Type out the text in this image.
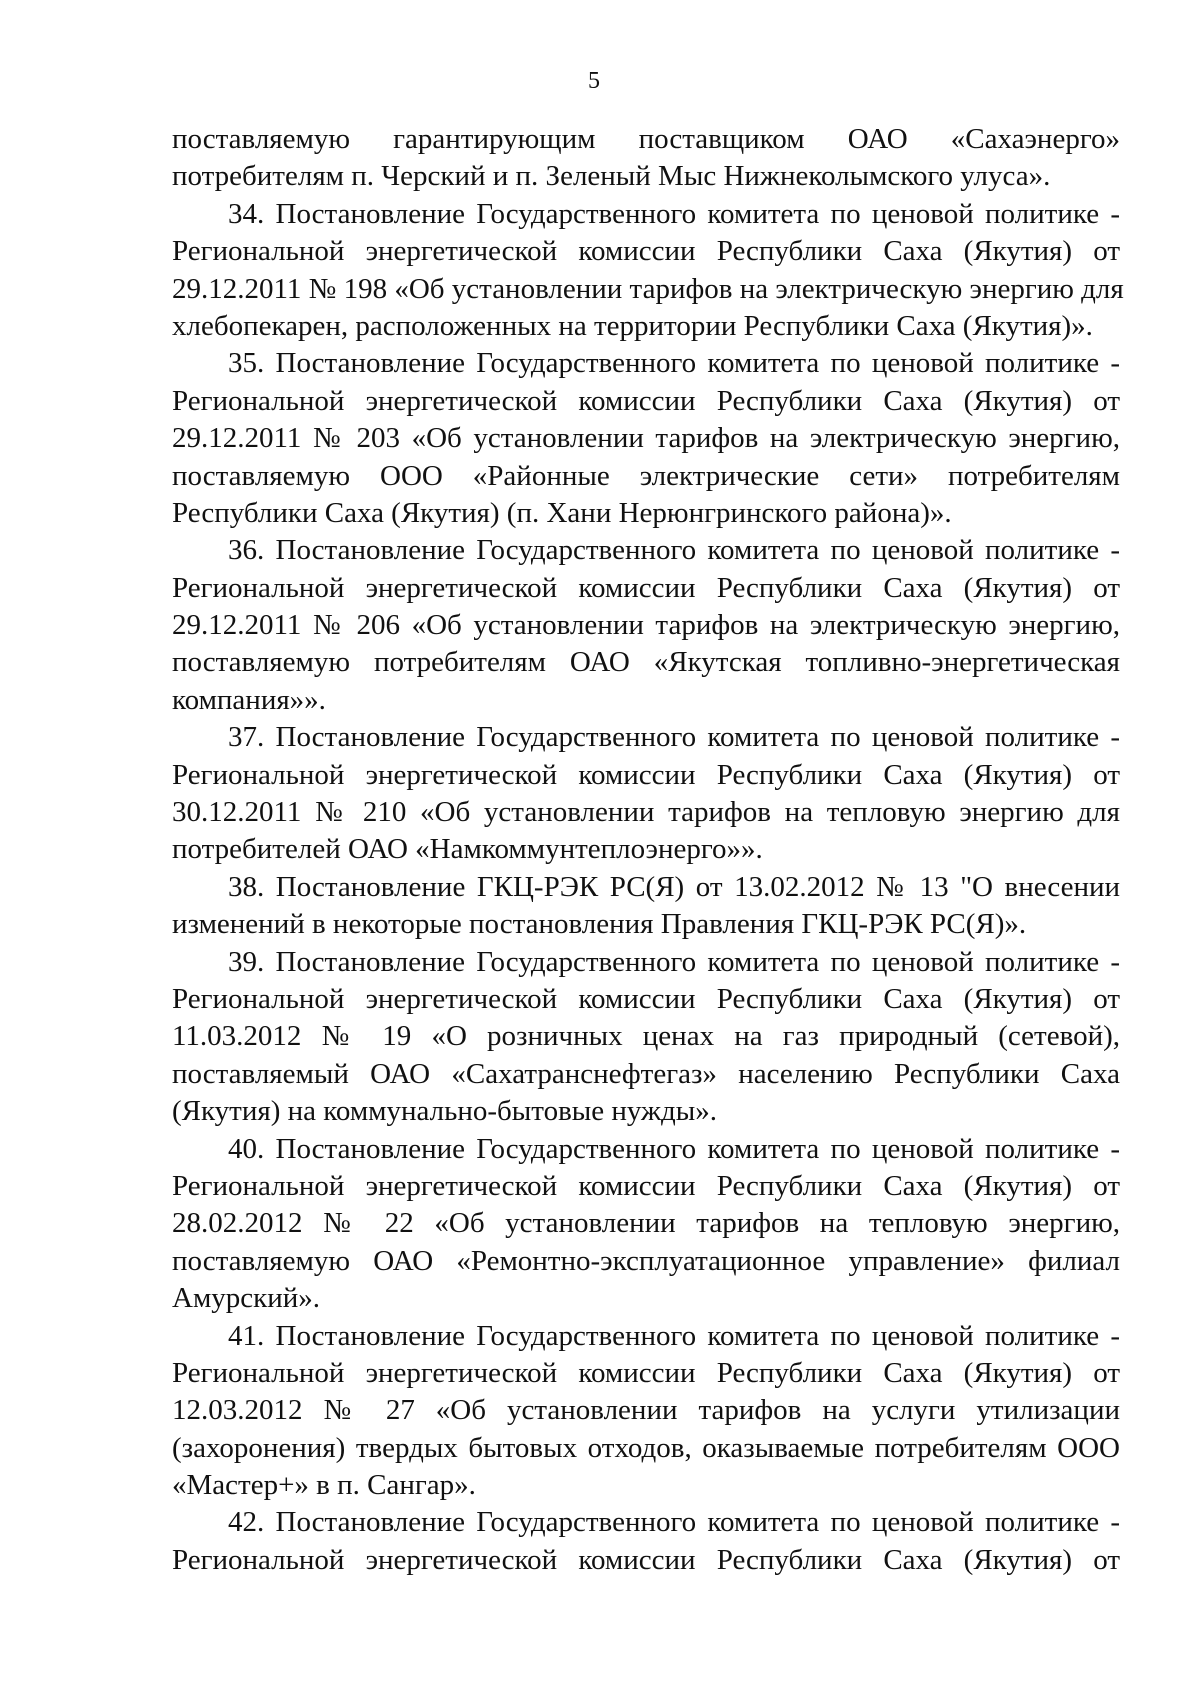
5
поставляемую гарантирующим поставщиком ОАО «Сахаэнерго»
потребителям п. Черский и п. Зеленый Мыс Нижнеколымского улуса».
34. Постановление Государственного комитета по ценовой политике -
Региональной энергетической комиссии Республики Саха (Якутия) от
29.12.2011 № 198 «Об установлении тарифов на электрическую энергию для
хлебопекарен, расположенных на территории Республики Саха (Якутия)».
35. Постановление Государственного комитета по ценовой политике -
Региональной энергетической комиссии Республики Саха (Якутия) от
29.12.2011 № 203 «Об установлении тарифов на электрическую энергию,
поставляемую ООО «Районные электрические сети» потребителям
Республики Саха (Якутия) (п. Хани Нерюнгринского района)».
36. Постановление Государственного комитета по ценовой политике -
Региональной энергетической комиссии Республики Саха (Якутия) от
29.12.2011 № 206 «Об установлении тарифов на электрическую энергию,
поставляемую потребителям ОАО «Якутская топливно-энергетическая
компания»».
37. Постановление Государственного комитета по ценовой политике -
Региональной энергетической комиссии Республики Саха (Якутия) от
30.12.2011 № 210 «Об установлении тарифов на тепловую энергию для
потребителей ОАО «Намкоммунтеплоэнерго»».
38. Постановление ГКЦ-РЭК РС(Я) от 13.02.2012 № 13 "О внесении
изменений в некоторые постановления Правления ГКЦ-РЭК РС(Я)».
39. Постановление Государственного комитета по ценовой политике -
Региональной энергетической комиссии Республики Саха (Якутия) от
11.03.2012 № 19 «О розничных ценах на газ природный (сетевой),
поставляемый ОАО «Сахатранснефтегаз» населению Республики Саха
(Якутия) на коммунально-бытовые нужды».
40. Постановление Государственного комитета по ценовой политике -
Региональной энергетической комиссии Республики Саха (Якутия) от
28.02.2012 № 22 «Об установлении тарифов на тепловую энергию,
поставляемую ОАО «Ремонтно-эксплуатационное управление» филиал
Амурский».
41. Постановление Государственного комитета по ценовой политике -
Региональной энергетической комиссии Республики Саха (Якутия) от
12.03.2012 № 27 «Об установлении тарифов на услуги утилизации
(захоронения) твердых бытовых отходов, оказываемые потребителям ООО
«Мастер+» в п. Сангар».
42. Постановление Государственного комитета по ценовой политике -
Региональной энергетической комиссии Республики Саха (Якутия) от
